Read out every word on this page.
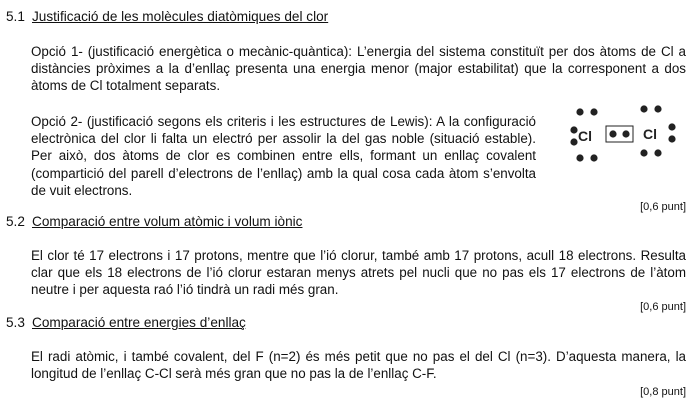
5.1 Justificació de les molècules diatòmiques del clor
Opció 1- (justificació energètica o mecànic-quàntica): L’energia del sistema constituït per dos àtoms de Cl a distàncies pròximes a la d’enllaç presenta una energia menor (major estabilitat) que la corresponent a dos àtoms de Cl totalment separats.
Opció 2- (justificació segons els criteris i les estructures de Lewis): A la configuració electrònica del clor li falta un electró per assolir la del gas noble (situació estable). Per això, dos àtoms de clor es combinen entre ells, formant un enllaç covalent (compartició del parell d’electrons de l’enllaç) amb la qual cosa cada àtom s’envolta de vuit electrons.
Cl	Cl
[0,6 punt]
5.2 Comparació entre volum atòmic i volum iònic
El clor té 17 electrons i 17 protons, mentre que l’ió clorur, també amb 17 protons, acull 18 electrons. Resulta clar que els 18 electrons de l’ió clorur estaran menys atrets pel nucli que no pas els 17 electrons de l’àtom neutre i per aquesta raó l’ió tindrà un radi més gran.
[0,6 punt]
5.3 Comparació entre energies d’enllaç
El radi atòmic, i també covalent, del F (n=2) és més petit que no pas el del Cl (n=3). D’aquesta manera, la longitud de l’enllaç C-Cl serà més gran que no pas la de l’enllaç C-F.
[0,8 punt]
